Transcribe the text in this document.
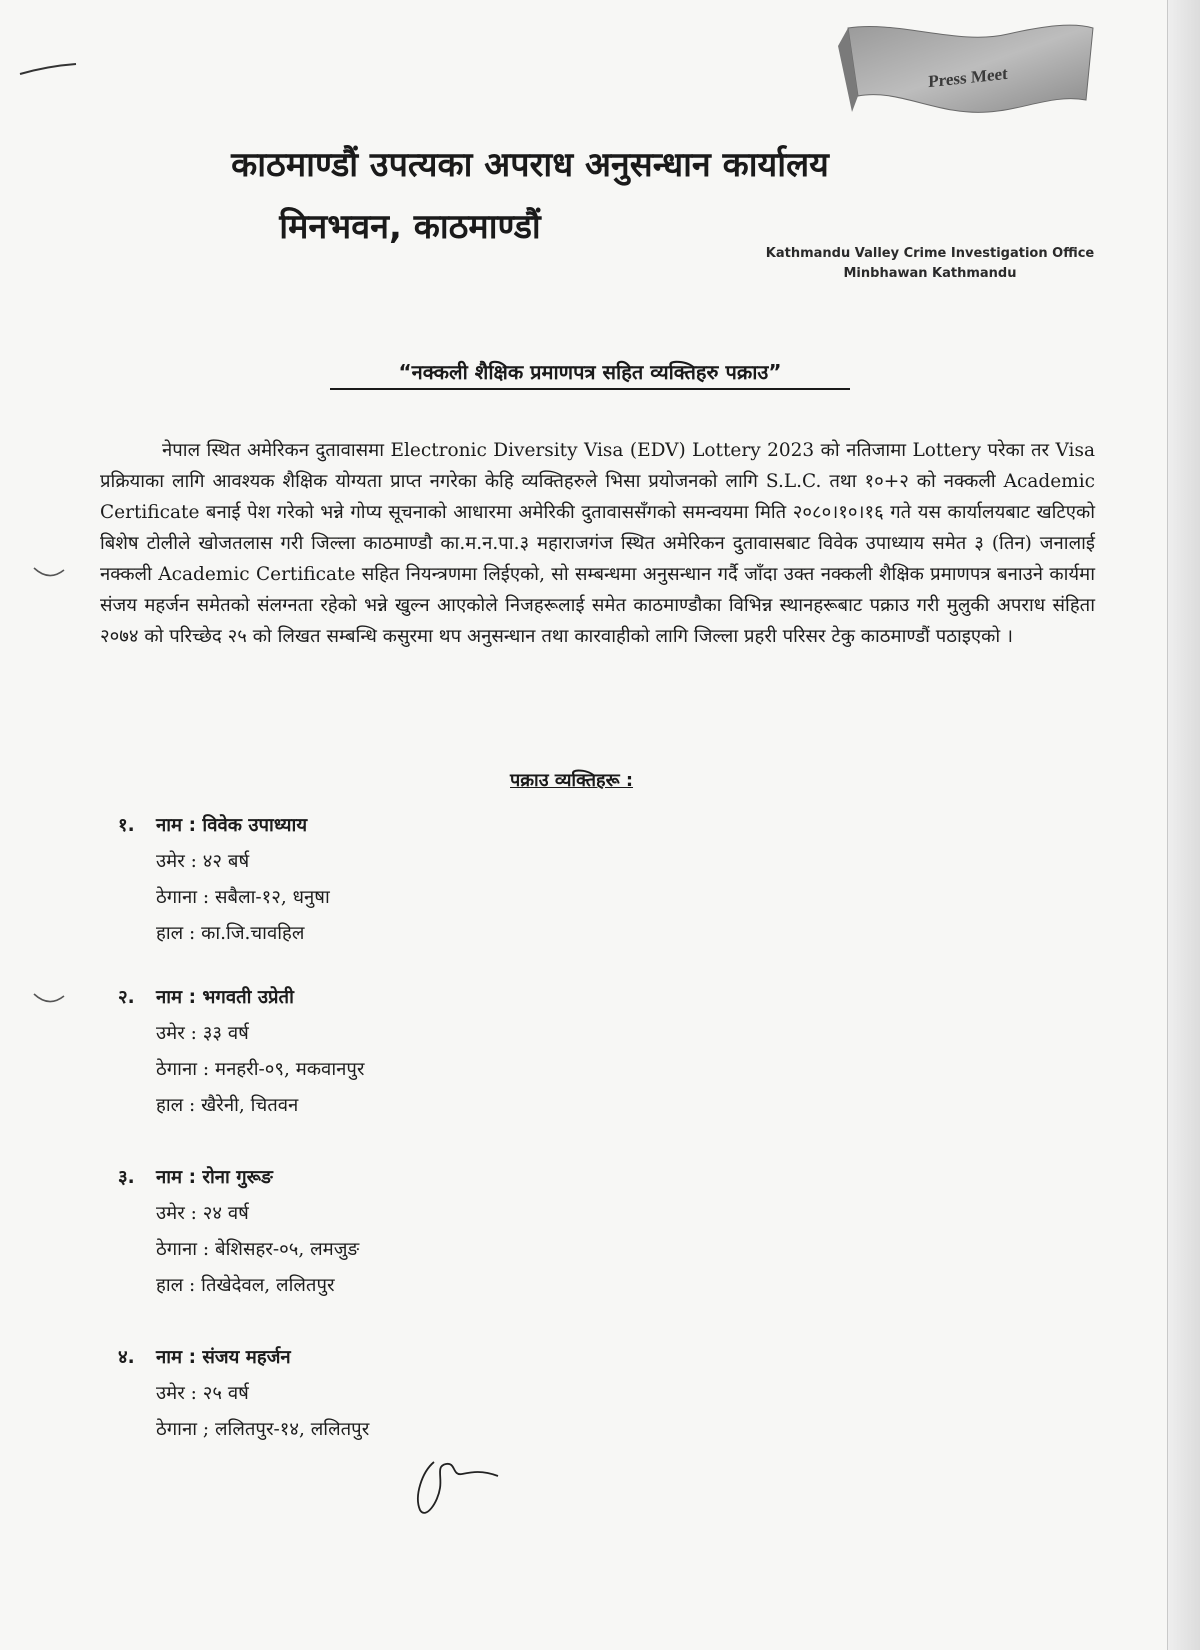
Press Meet
काठमाण्डौं उपत्यका अपराध अनुसन्धान कार्यालय
मिनभवन, काठमाण्डौं
Kathmandu Valley Crime Investigation Office
Minbhawan Kathmandu
“नक्कली शैक्षिक प्रमाणपत्र सहित व्यक्तिहरु पक्राउ”
नेपाल स्थित अमेरिकन दुतावासमा Electronic Diversity Visa (EDV) Lottery 2023 को नतिजामा Lottery परेका तर Visa प्रक्रियाका लागि आवश्यक शैक्षिक योग्यता प्राप्त नगरेका केहि व्यक्तिहरुले भिसा प्रयोजनको लागि S.L.C. तथा १०+२ को नक्कली Academic Certificate बनाई पेश गरेको भन्ने गोप्य सूचनाको आधारमा अमेरिकी दुतावाससँगको समन्वयमा मिति २०८०।१०।१६ गते यस कार्यालयबाट खटिएको बिशेष टोलीले खोजतलास गरी जिल्ला काठमाण्डौ का.म.न.पा.३ महाराजगंज स्थित अमेरिकन दुतावासबाट विवेक उपाध्याय समेत ३ (तिन) जनालाई नक्कली Academic Certificate सहित नियन्त्रणमा लिईएको, सो सम्बन्धमा अनुसन्धान गर्दै जाँदा उक्त नक्कली शैक्षिक प्रमाणपत्र बनाउने कार्यमा संजय महर्जन समेतको संलग्नता रहेको भन्ने खुल्न आएकोले निजहरूलाई समेत काठमाण्डौका विभिन्न स्थानहरूबाट पक्राउ गरी मुलुकी अपराध संहिता २०७४ को परिच्छेद २५ को लिखत सम्बन्धि कसुरमा थप अनुसन्धान तथा कारवाहीको लागि जिल्ला प्रहरी परिसर टेकु काठमाण्डौं पठाइएको ।
पक्राउ व्यक्तिहरू :
१. नाम : विवेक उपाध्याय
उमेर : ४२ बर्ष
ठेगाना : सबैला-१२, धनुषा
हाल : का.जि.चावहिल
२. नाम : भगवती उप्रेती
उमेर : ३३ वर्ष
ठेगाना : मनहरी-०९, मकवानपुर
हाल : खैरेनी, चितवन
३. नाम : रोना गुरूङ
उमेर : २४ वर्ष
ठेगाना : बेशिसहर-०५, लमजुङ
हाल : तिखेदेवल, ललितपुर
४. नाम : संजय महर्जन
उमेर : २५ वर्ष
ठेगाना ; ललितपुर-१४, ललितपुर
